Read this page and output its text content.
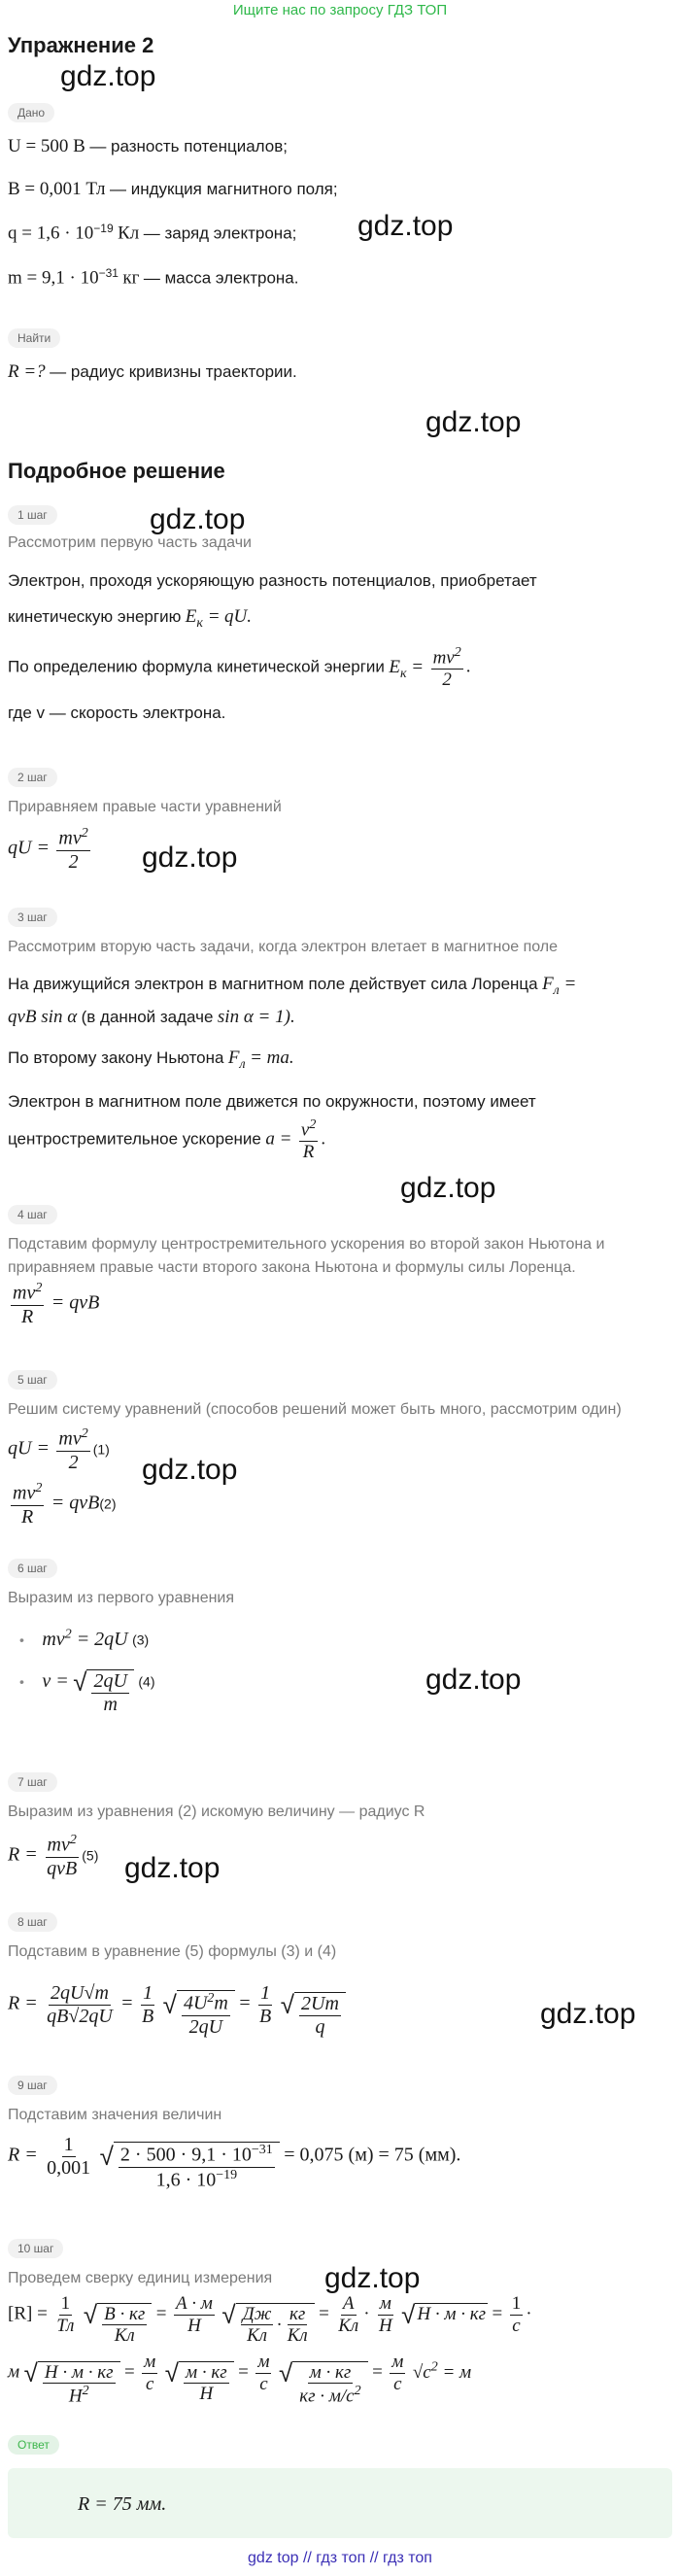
Ищите нас по запросу ГДЗ ТОП
Упражнение 2
gdz.top
gdz.top
gdz.top
gdz.top
gdz.top
gdz.top
gdz.top
gdz.top
gdz.top
gdz.top
gdz.top
Дано
U = 500 В — разность потенциалов;
B = 0,001 Тл — индукция магнитного поля;
$q = 1,6 \cdot 10^{-19}$ Кл — заряд электрона;
$m = 9,1 \cdot 10^{-31}$ кг — масса электрона.
Найти
R =? — радиус кривизны траектории.
Подробное решение
1 шаг
Рассмотрим первую часть задачи
Электрон, проходя ускоряющую разность потенциалов, приобретает
кинетическую энергию $E_к$ = qU.
По определению формула кинетической энергии $E_к = \frac{mv^2}{2}$ .
где v — скорость электрона.
2 шаг
Приравняем правые части уравнений
qU = $\frac{mv^2}{2}$
3 шаг
Рассмотрим вторую часть задачи, когда электрон влетает в магнитное поле
На движущийся электрон в магнитном поле действует сила Лоренца $F_л$ =
qvB sin α (в данной задаче sin α = 1).
По второму закону Ньютона $F_л$ = ma.
Электрон в магнитном поле движется по окружности, поэтому имеет
центростремительное ускорение $a = \frac{v^2}{R}$ .
4 шаг
Подставим формулу центростремительного ускорения во второй закон Ньютона и
приравняем правые части второго закона Ньютона и формулы силы Лоренца.
$\frac{mv^2}{R}$ = qvB
5 шаг
Решим систему уравнений (способов решений может быть много, рассмотрим один)
qU = $\frac{mv^2}{2} (1)$
$\frac{mv^2}{R} = qvB(2)$
6 шаг
Выразим из первого уравнения
• $mv^2 = 2qU$ (3)
• v = √ $\frac{2qU}{m} (4)$
7 шаг
Выразим из уравнения (2) искомую величину — радиус R
$R = \frac{mv^2}{\text{qvB}} (5)$
8 шаг
Подставим в уравнение (5) формулы (3) и (4)
$R = \frac{2qU√m}{qB√2qU} = \frac{1}{B}$ √ $\frac{4U^2m}{2qU} = \frac{1}{B}$ √ $\frac{2Um}{q}$
9 шаг
Подставим значения величин
$R = \frac{1}{0,001}$ √ $\frac{2 \cdot 500 \cdot 9,1 \cdot 10^{-31}}{1,6 \cdot 10^{-19}} = 0,075$ (м) = 75 (мм).
10 шаг
Проведем сверку единиц измерения
$[R] = \frac{1}{Тл}$ √ $\frac{В \cdot кг}{Кл} = \frac{А \cdot м}{Н}$ √ $\frac{Дж}{Кл} \cdot \frac{кг}{Кл} = \frac{А}{Кл} \cdot \frac{м}{Н}$ √ Н · м · кг = $\frac{1}{с}$ ·
м √ $\frac{Н \cdot м \cdot кг}{Н^2} = \frac{м}{с}$ √ $\frac{м \cdot кг}{Н} = \frac{м}{с}$ √ $\frac{м \cdot кг}{кг \cdot м/с^2} = \frac{м}{с} √с^2 = м$
Ответ
R = 75 мм.
gdz top // гдз топ // гдз топ
